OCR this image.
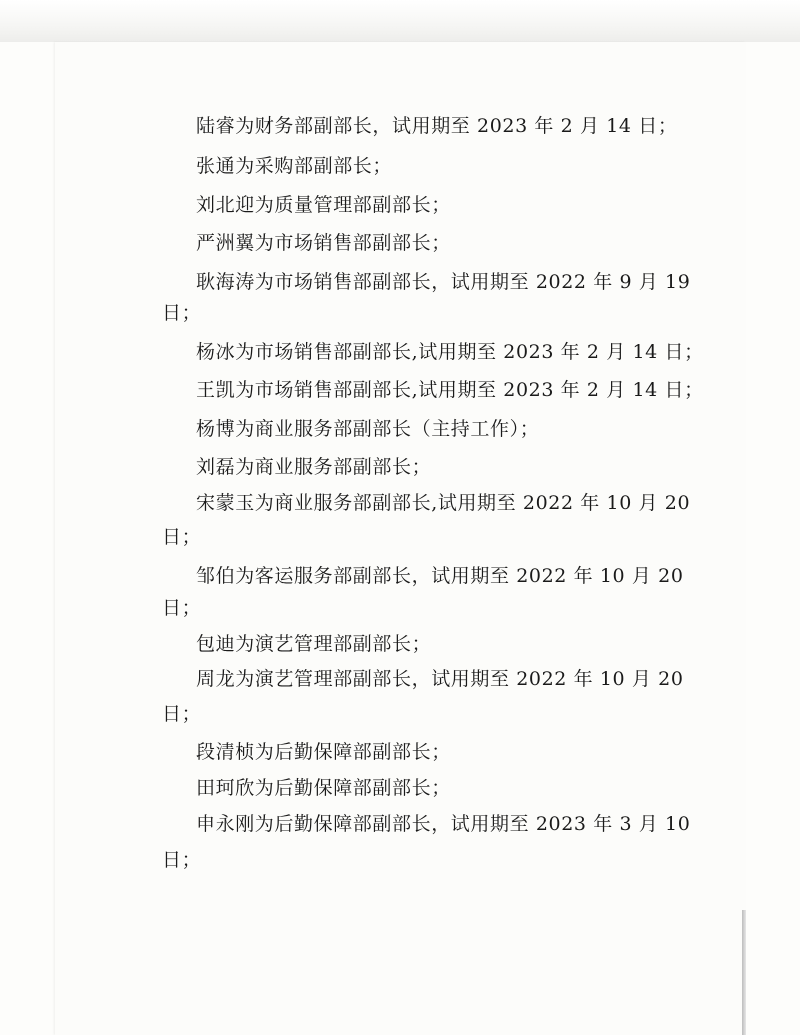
陆睿为财务部副部长，试用期至 2023 年 2 月 14 日；

张通为采购部副部长；

刘北迎为质量管理部副部长；

严洲翼为市场销售部副部长；

耿海涛为市场销售部副部长，试用期至 2022 年 9 月 19

日；

杨冰为市场销售部副部长,试用期至 2023 年 2 月 14 日；

王凯为市场销售部副部长,试用期至 2023 年 2 月 14 日；

杨博为商业服务部副部长（主持工作）；

刘磊为商业服务部副部长；

宋蒙玉为商业服务部副部长,试用期至 2022 年 10 月 20

日；

邹伯为客运服务部副部长，试用期至 2022 年 10 月 20

日；

包迪为演艺管理部副部长；

周龙为演艺管理部副部长，试用期至 2022 年 10 月 20

日；

段清桢为后勤保障部副部长；

田珂欣为后勤保障部副部长；

申永刚为后勤保障部副部长，试用期至 2023 年 3 月 10

日；
